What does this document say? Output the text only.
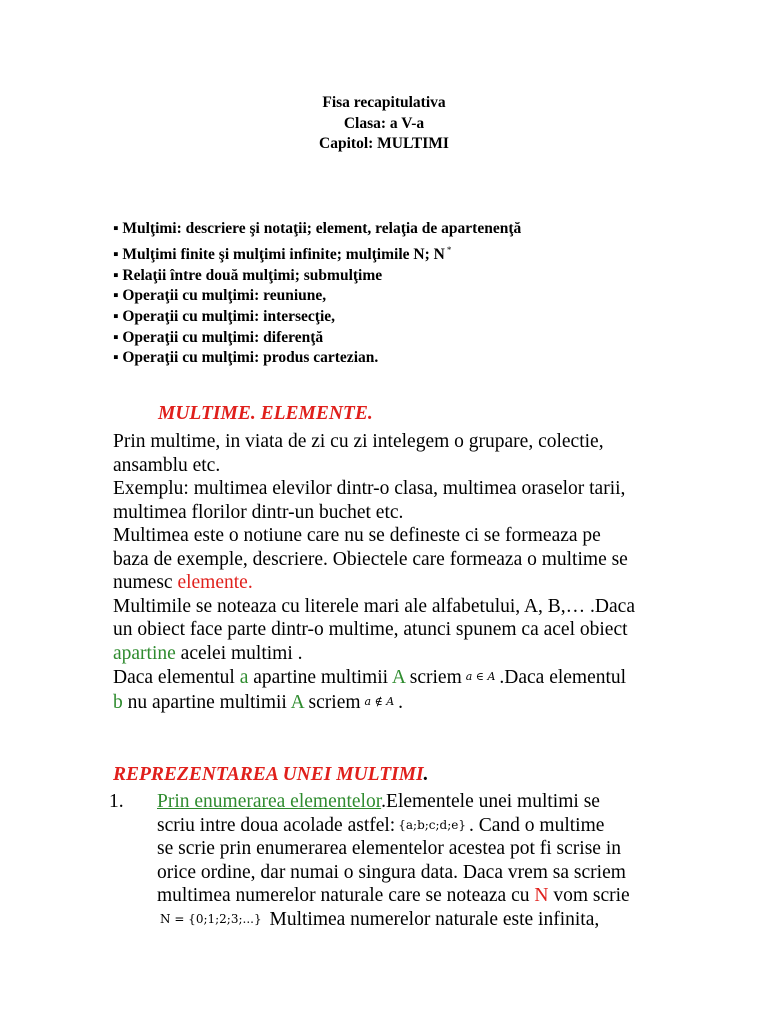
Fisa recapitulativa
Clasa: a V-a
Capitol: MULTIMI
▪ Mulţimi: descriere şi notaţii; element, relaţia de apartenenţă
▪ Mulţimi finite şi mulţimi infinite; mulţimile N; N *
▪ Relaţii între două mulţimi; submulţime
▪ Operaţii cu mulţimi: reuniune,
▪ Operaţii cu mulţimi: intersecţie,
▪ Operaţii cu mulţimi: diferenţă
▪ Operaţii cu mulţimi: produs cartezian.
MULTIME. ELEMENTE.
Prin multime, in viata de zi cu zi intelegem o grupare, colectie,
ansamblu etc.
Exemplu: multimea elevilor dintr-o clasa, multimea oraselor tarii,
multimea florilor dintr-un buchet etc.
Multimea este o notiune care nu se defineste ci se formeaza pe
baza de exemple, descriere. Obiectele care formeaza o multime se
numesc elemente.
Multimile se noteaza cu literele mari ale alfabetului, A, B,… .Daca
un obiect face parte dintr-o multime, atunci spunem ca acel obiect
apartine acelei multimi .
Daca elementul a apartine multimii A scriem a ∈ A .Daca elementul
b nu apartine multimii A scriem a ∉ A .
REPREZENTAREA UNEI MULTIMI.
1. Prin enumerarea elementelor.Elementele unei multimi se
scriu intre doua acolade astfel: {a;b;c;d;e} . Cand o multime
se scrie prin enumerarea elementelor acestea pot fi scrise in
orice ordine, dar numai o singura data. Daca vrem sa scriem
multimea numerelor naturale care se noteaza cu N vom scrie
N = {0;1;2;3;...} Multimea numerelor naturale este infinita,
